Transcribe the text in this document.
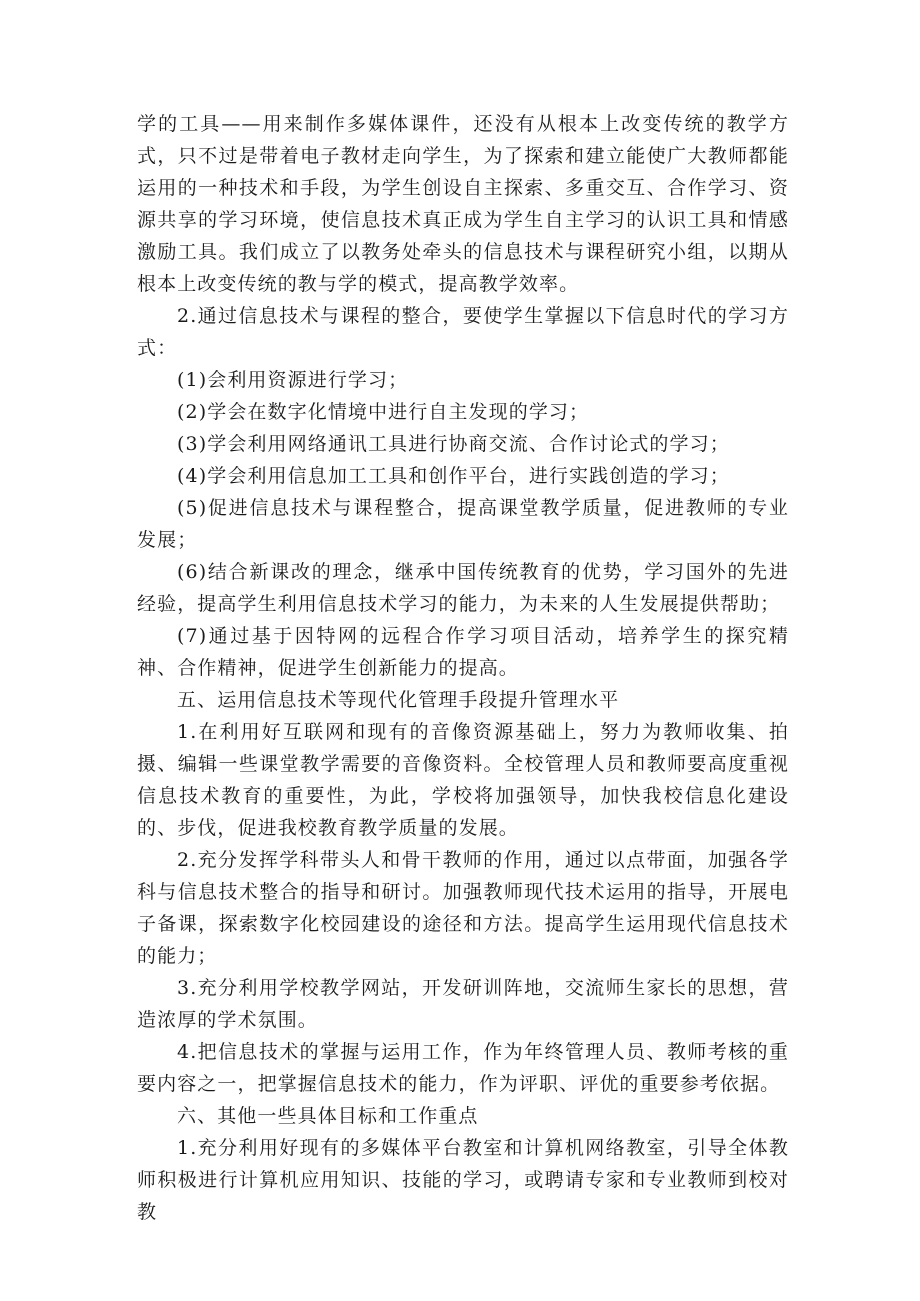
学的工具——用来制作多媒体课件，还没有从根本上改变传统的教学方式，只不过是带着电子教材走向学生，为了探索和建立能使广大教师都能运用的一种技术和手段，为学生创设自主探索、多重交互、合作学习、资源共享的学习环境，使信息技术真正成为学生自主学习的认识工具和情感激励工具。我们成立了以教务处牵头的信息技术与课程研究小组，以期从根本上改变传统的教与学的模式，提高教学效率。

2.通过信息技术与课程的整合，要使学生掌握以下信息时代的学习方式：

(1)会利用资源进行学习；

(2)学会在数字化情境中进行自主发现的学习；

(3)学会利用网络通讯工具进行协商交流、合作讨论式的学习；

(4)学会利用信息加工工具和创作平台，进行实践创造的学习；

(5)促进信息技术与课程整合，提高课堂教学质量，促进教师的专业发展；

(6)结合新课改的理念，继承中国传统教育的优势，学习国外的先进经验，提高学生利用信息技术学习的能力，为未来的人生发展提供帮助；

(7)通过基于因特网的远程合作学习项目活动，培养学生的探究精神、合作精神，促进学生创新能力的提高。

五、运用信息技术等现代化管理手段提升管理水平

1.在利用好互联网和现有的音像资源基础上，努力为教师收集、拍摄、编辑一些课堂教学需要的音像资料。全校管理人员和教师要高度重视信息技术教育的重要性，为此，学校将加强领导，加快我校信息化建设的、步伐，促进我校教育教学质量的发展。

2.充分发挥学科带头人和骨干教师的作用，通过以点带面，加强各学科与信息技术整合的指导和研讨。加强教师现代技术运用的指导，开展电子备课，探索数字化校园建设的途径和方法。提高学生运用现代信息技术的能力；

3.充分利用学校教学网站，开发研训阵地，交流师生家长的思想，营造浓厚的学术氛围。

4.把信息技术的掌握与运用工作，作为年终管理人员、教师考核的重要内容之一，把掌握信息技术的能力，作为评职、评优的重要参考依据。

六、其他一些具体目标和工作重点

1.充分利用好现有的多媒体平台教室和计算机网络教室，引导全体教师积极进行计算机应用知识、技能的学习，或聘请专家和专业教师到校对教
